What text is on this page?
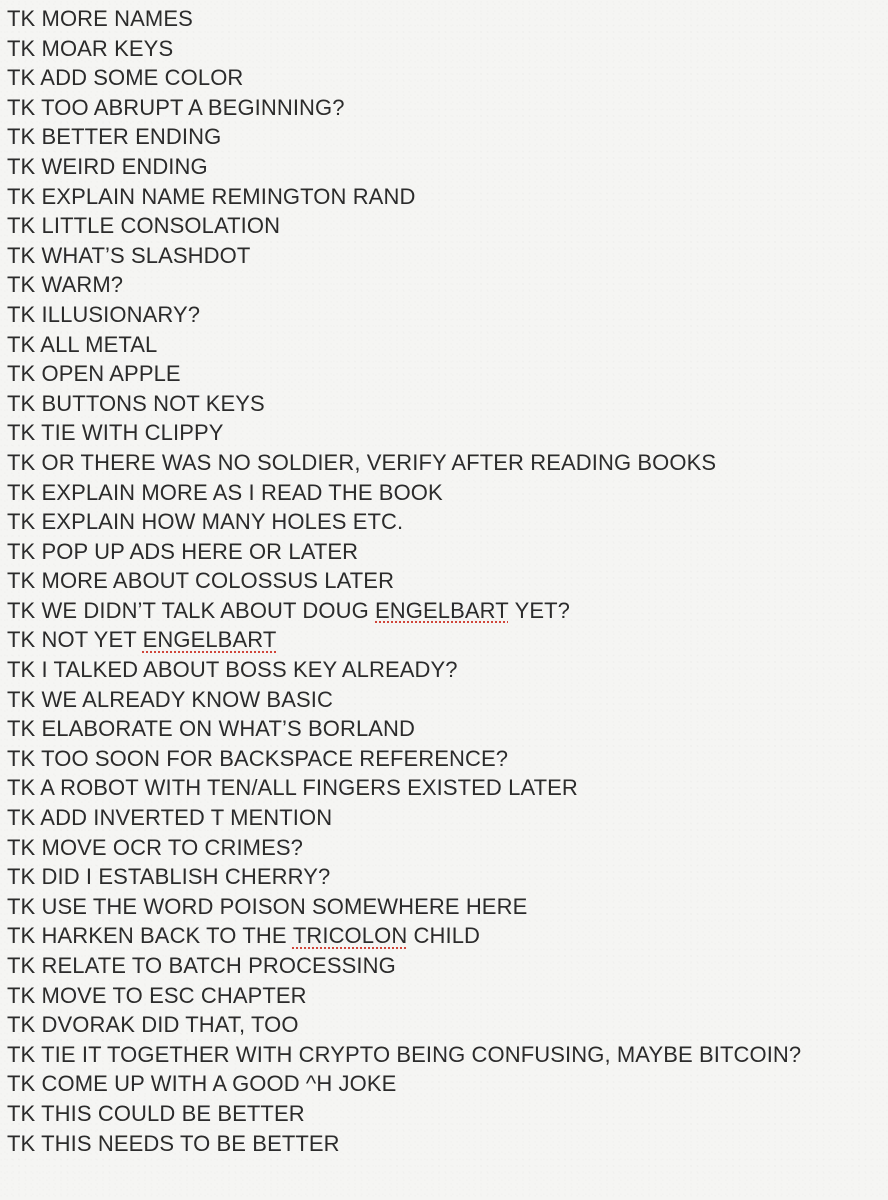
TK MORE NAMES
TK MOAR KEYS
TK ADD SOME COLOR
TK TOO ABRUPT A BEGINNING?
TK BETTER ENDING
TK WEIRD ENDING
TK EXPLAIN NAME REMINGTON RAND
TK LITTLE CONSOLATION
TK WHAT’S SLASHDOT
TK WARM?
TK ILLUSIONARY?
TK ALL METAL
TK OPEN APPLE
TK BUTTONS NOT KEYS
TK TIE WITH CLIPPY
TK OR THERE WAS NO SOLDIER, VERIFY AFTER READING BOOKS
TK EXPLAIN MORE AS I READ THE BOOK
TK EXPLAIN HOW MANY HOLES ETC.
TK POP UP ADS HERE OR LATER
TK MORE ABOUT COLOSSUS LATER
TK WE DIDN’T TALK ABOUT DOUG ENGELBART YET?
TK NOT YET ENGELBART
TK I TALKED ABOUT BOSS KEY ALREADY?
TK WE ALREADY KNOW BASIC
TK ELABORATE ON WHAT’S BORLAND
TK TOO SOON FOR BACKSPACE REFERENCE?
TK A ROBOT WITH TEN/ALL FINGERS EXISTED LATER
TK ADD INVERTED T MENTION
TK MOVE OCR TO CRIMES?
TK DID I ESTABLISH CHERRY?
TK USE THE WORD POISON SOMEWHERE HERE
TK HARKEN BACK TO THE TRICOLON CHILD
TK RELATE TO BATCH PROCESSING
TK MOVE TO ESC CHAPTER
TK DVORAK DID THAT, TOO
TK TIE IT TOGETHER WITH CRYPTO BEING CONFUSING, MAYBE BITCOIN?
TK COME UP WITH A GOOD ^H JOKE
TK THIS COULD BE BETTER
TK THIS NEEDS TO BE BETTER
